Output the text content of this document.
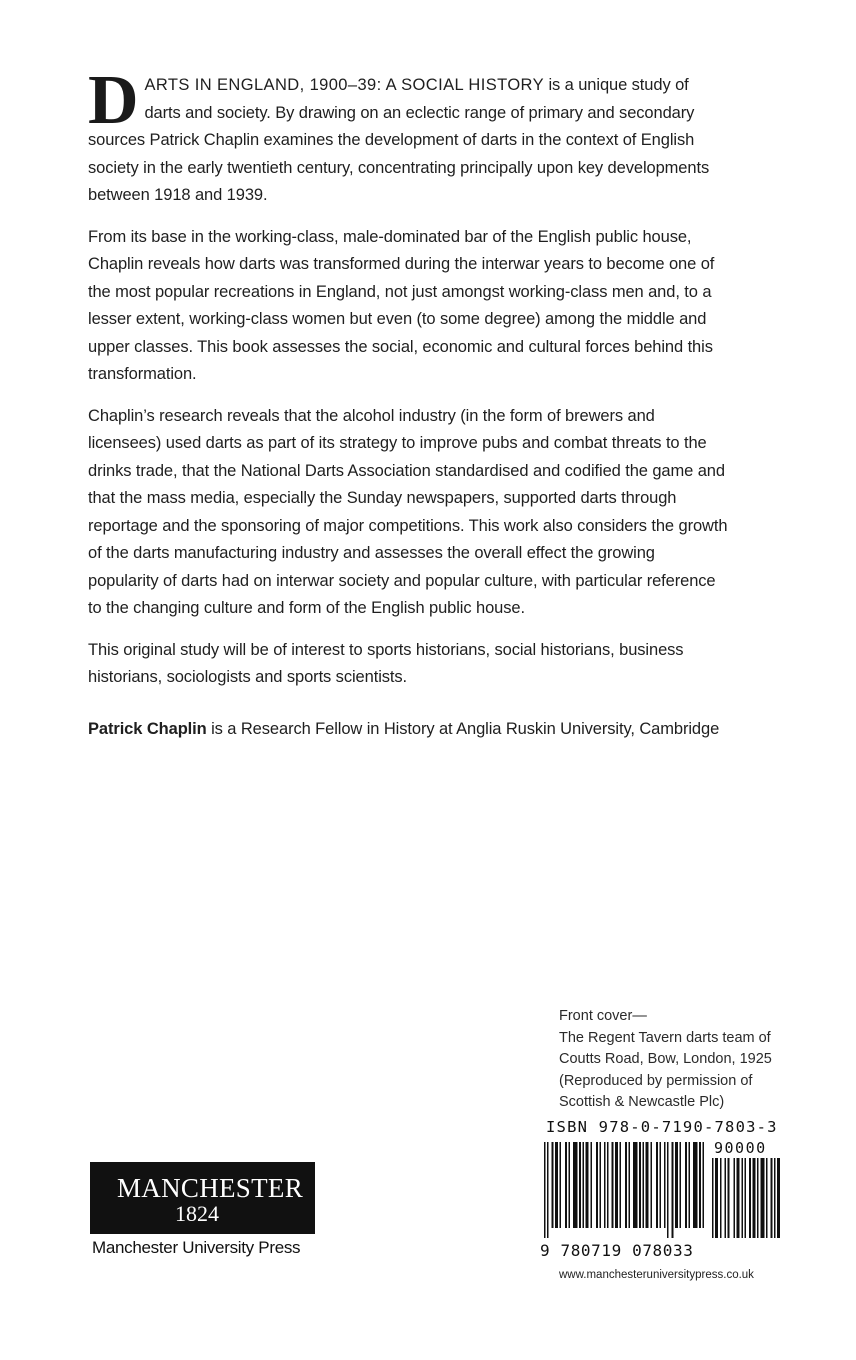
DARTS IN ENGLAND, 1900–39: A SOCIAL HISTORY is a unique study of darts and society. By drawing on an eclectic range of primary and secondary sources Patrick Chaplin examines the development of darts in the context of English society in the early twentieth century, concentrating principally upon key developments between 1918 and 1939.

From its base in the working-class, male-dominated bar of the English public house, Chaplin reveals how darts was transformed during the interwar years to become one of the most popular recreations in England, not just amongst working-class men and, to a lesser extent, working-class women but even (to some degree) among the middle and upper classes. This book assesses the social, economic and cultural forces behind this transformation.

Chaplin’s research reveals that the alcohol industry (in the form of brewers and licensees) used darts as part of its strategy to improve pubs and combat threats to the drinks trade, that the National Darts Association standardised and codified the game and that the mass media, especially the Sunday newspapers, supported darts through reportage and the sponsoring of major competitions. This work also considers the growth of the darts manufacturing industry and assesses the overall effect the growing popularity of darts had on interwar society and popular culture, with particular reference to the changing culture and form of the English public house.

This original study will be of interest to sports historians, social historians, business historians, sociologists and sports scientists.

Patrick Chaplin is a Research Fellow in History at Anglia Ruskin University, Cambridge

Front cover—
The Regent Tavern darts team of
Coutts Road, Bow, London, 1925
(Reproduced by permission of
Scottish & Newcastle Plc)
ISBN 978-0-7190-7803-3
90000
9 780719 078033
www.manchesteruniversitypress.co.uk
MANCHESTER
1824
Manchester University Press
